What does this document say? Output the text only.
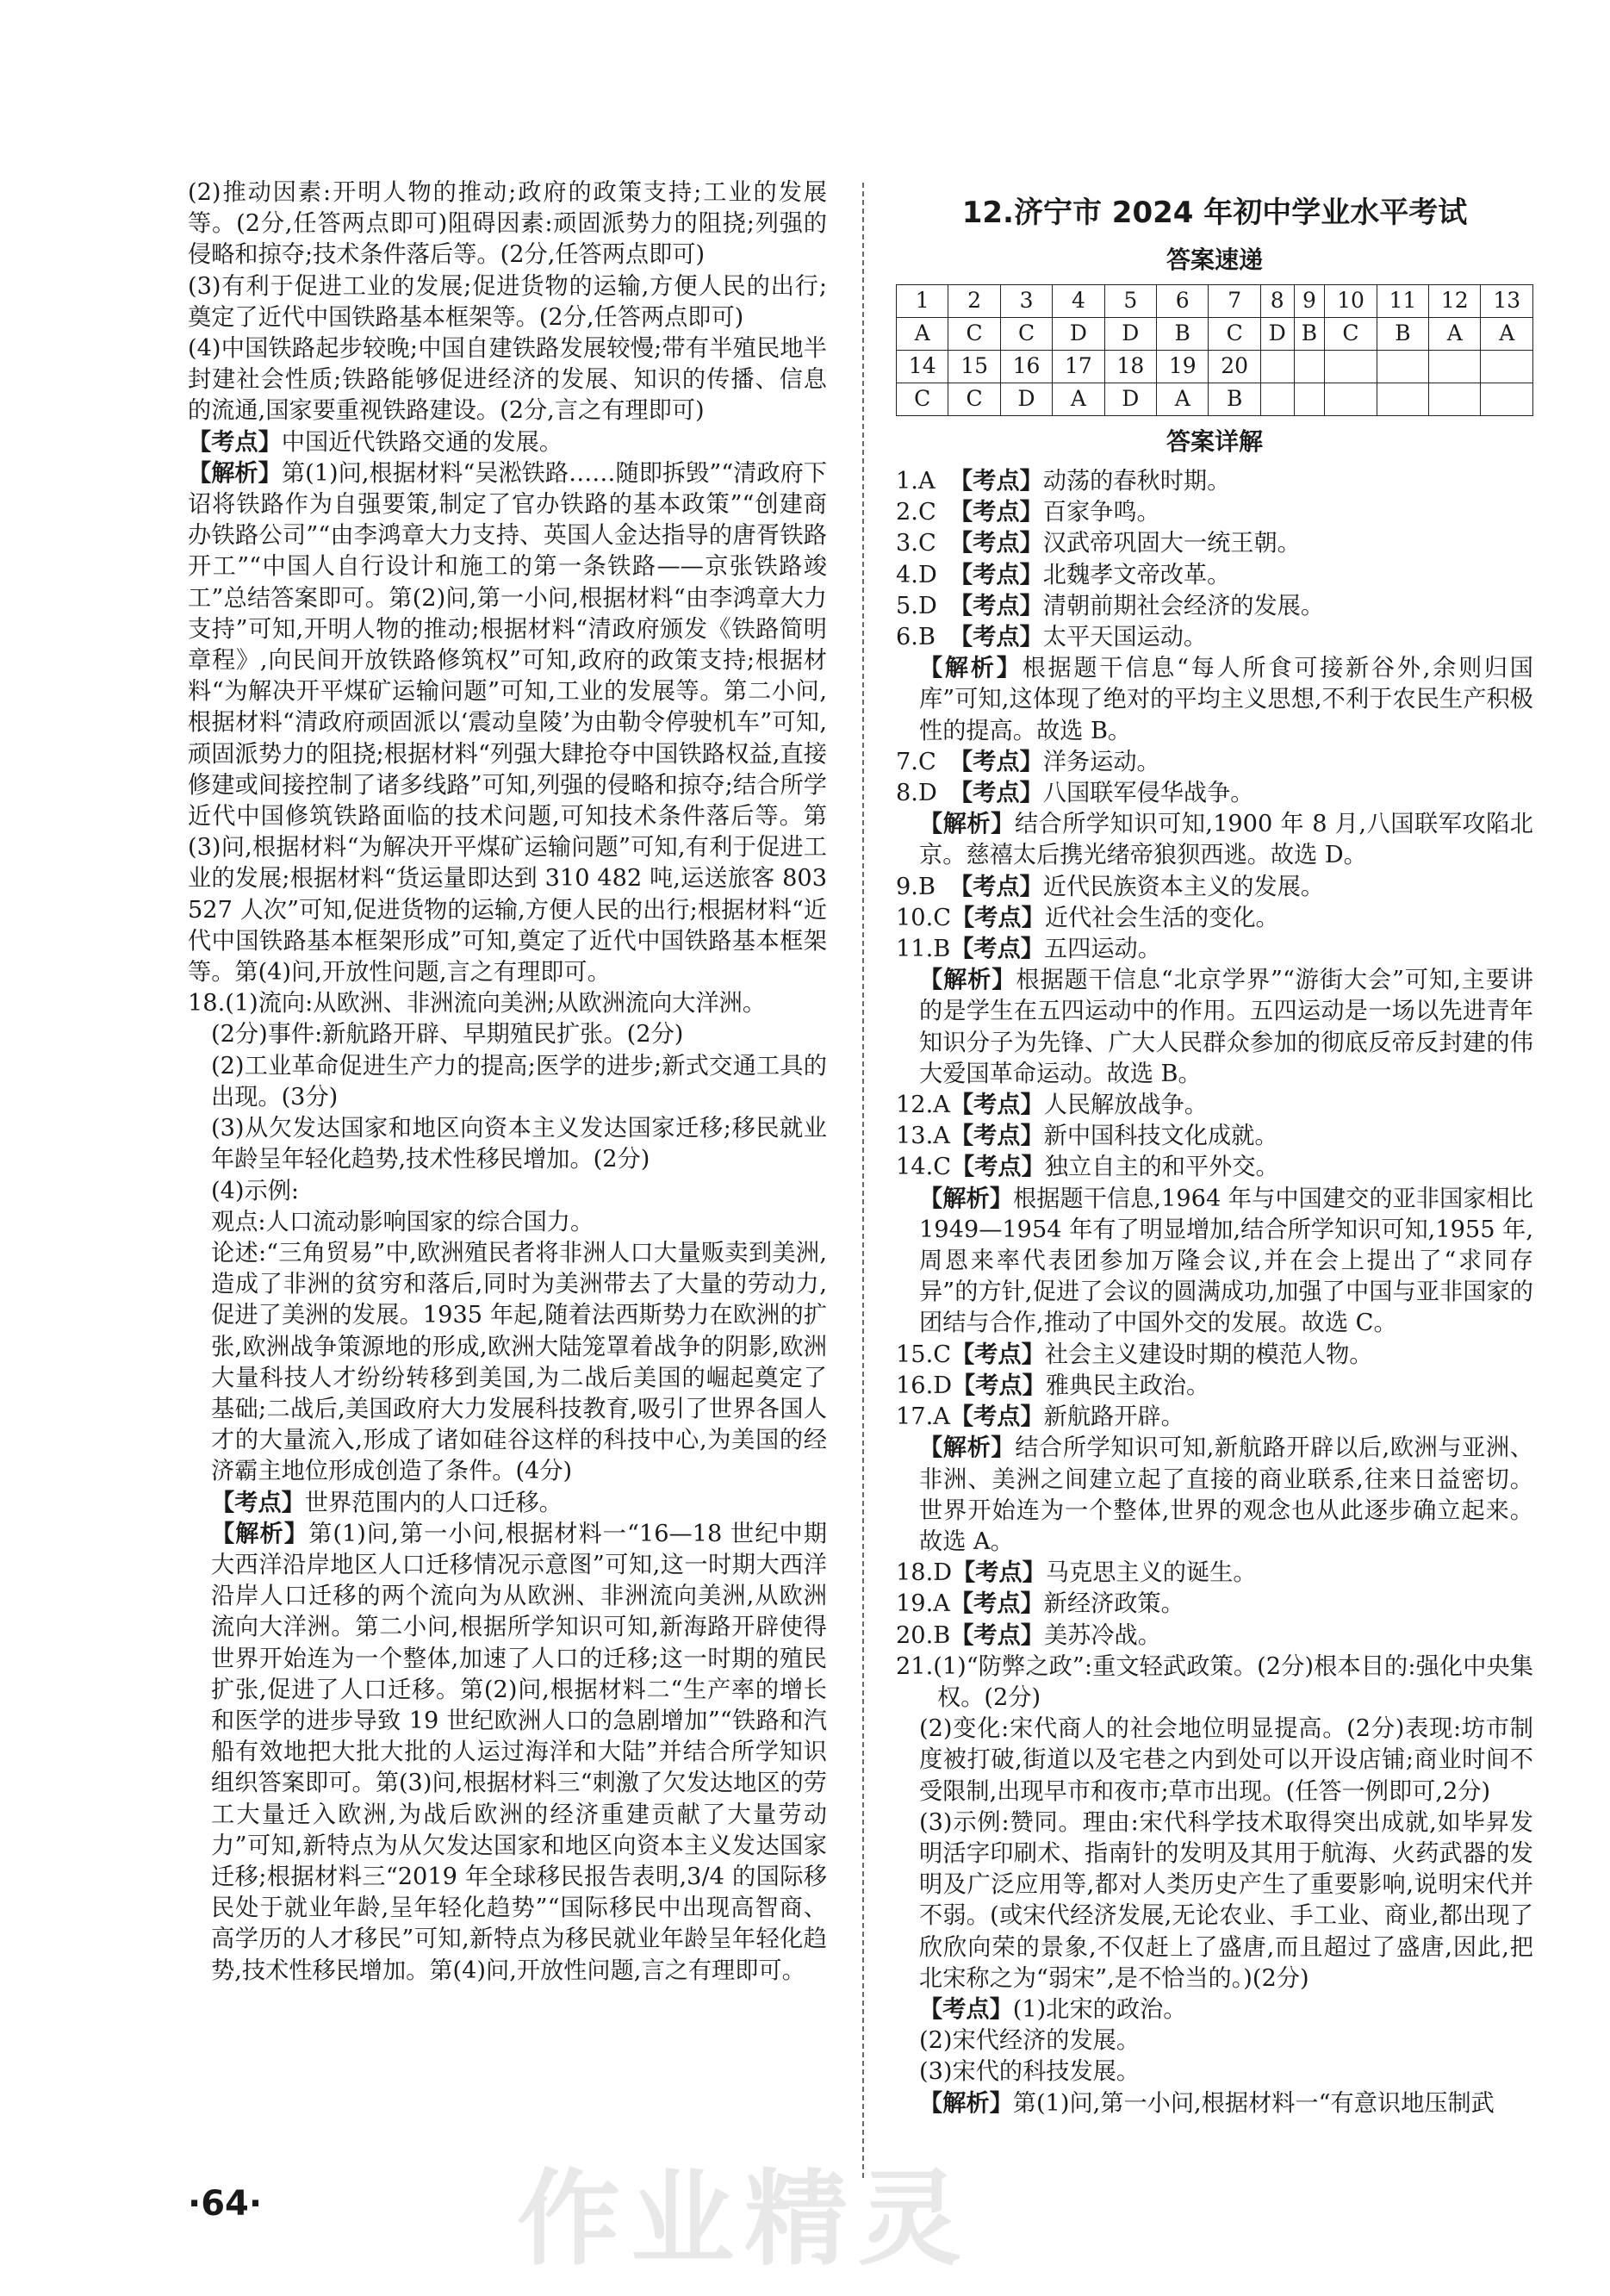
(2)推动因素:开明人物的推动;政府的政策支持;工业的发展等。(2分,任答两点即可)阻碍因素:顽固派势力的阻挠;列强的侵略和掠夺;技术条件落后等。(2分,任答两点即可)

(3)有利于促进工业的发展;促进货物的运输,方便人民的出行;奠定了近代中国铁路基本框架等。(2分,任答两点即可)

(4)中国铁路起步较晚;中国自建铁路发展较慢;带有半殖民地半封建社会性质;铁路能够促进经济的发展、知识的传播、信息的流通,国家要重视铁路建设。(2分,言之有理即可)

【考点】中国近代铁路交通的发展。

【解析】第(1)问,根据材料“吴淞铁路……随即拆毁”“清政府下诏将铁路作为自强要策,制定了官办铁路的基本政策”“创建商办铁路公司”“由李鸿章大力支持、英国人金达指导的唐胥铁路开工”“中国人自行设计和施工的第一条铁路——京张铁路竣工”总结答案即可。第(2)问,第一小问,根据材料“由李鸿章大力支持”可知,开明人物的推动;根据材料“清政府颁发《铁路简明章程》,向民间开放铁路修筑权”可知,政府的政策支持;根据材料“为解决开平煤矿运输问题”可知,工业的发展等。第二小问,根据材料“清政府顽固派以‘震动皇陵’为由勒令停驶机车”可知,顽固派势力的阻挠;根据材料“列强大肆抢夺中国铁路权益,直接修建或间接控制了诸多线路”可知,列强的侵略和掠夺;结合所学近代中国修筑铁路面临的技术问题,可知技术条件落后等。第(3)问,根据材料“为解决开平煤矿运输问题”可知,有利于促进工业的发展;根据材料“货运量即达到 310 482 吨,运送旅客 803 527 人次”可知,促进货物的运输,方便人民的出行;根据材料“近代中国铁路基本框架形成”可知,奠定了近代中国铁路基本框架等。第(4)问,开放性问题,言之有理即可。

18.(1)流向:从欧洲、非洲流向美洲;从欧洲流向大洋洲。

(2分)事件:新航路开辟、早期殖民扩张。(2分)

(2)工业革命促进生产力的提高;医学的进步;新式交通工具的出现。(3分)

(3)从欠发达国家和地区向资本主义发达国家迁移;移民就业年龄呈年轻化趋势,技术性移民增加。(2分)

(4)示例:

观点:人口流动影响国家的综合国力。

论述:“三角贸易”中,欧洲殖民者将非洲人口大量贩卖到美洲,造成了非洲的贫穷和落后,同时为美洲带去了大量的劳动力,促进了美洲的发展。1935 年起,随着法西斯势力在欧洲的扩张,欧洲战争策源地的形成,欧洲大陆笼罩着战争的阴影,欧洲大量科技人才纷纷转移到美国,为二战后美国的崛起奠定了基础;二战后,美国政府大力发展科技教育,吸引了世界各国人才的大量流入,形成了诸如硅谷这样的科技中心,为美国的经济霸主地位形成创造了条件。(4分)

【考点】世界范围内的人口迁移。

【解析】第(1)问,第一小问,根据材料一“16—18 世纪中期大西洋沿岸地区人口迁移情况示意图”可知,这一时期大西洋沿岸人口迁移的两个流向为从欧洲、非洲流向美洲,从欧洲流向大洋洲。第二小问,根据所学知识可知,新海路开辟使得世界开始连为一个整体,加速了人口的迁移;这一时期的殖民扩张,促进了人口迁移。第(2)问,根据材料二“生产率的增长和医学的进步导致 19 世纪欧洲人口的急剧增加”“铁路和汽船有效地把大批大批的人运过海洋和大陆”并结合所学知识组织答案即可。第(3)问,根据材料三“刺激了欠发达地区的劳工大量迁入欧洲,为战后欧洲的经济重建贡献了大量劳动力”可知,新特点为从欠发达国家和地区向资本主义发达国家迁移;根据材料三“2019 年全球移民报告表明,3/4 的国际移民处于就业年龄,呈年轻化趋势”“国际移民中出现高智商、高学历的人才移民”可知,新特点为移民就业年龄呈年轻化趋势,技术性移民增加。第(4)问,开放性问题,言之有理即可。

12.济宁市 2024 年初中学业水平考试
答案速递
1	2	3	4	5	6	7	8	9	10	11	12	13
A	C	C	D	D	B	C	D	B	C	B	A	A
14	15	16	17	18	19	20						
C	C	D	A	D	A	B						
答案详解

1.A 【考点】动荡的春秋时期。

2.C 【考点】百家争鸣。

3.C 【考点】汉武帝巩固大一统王朝。

4.D 【考点】北魏孝文帝改革。

5.D 【考点】清朝前期社会经济的发展。

6.B 【考点】太平天国运动。

【解析】根据题干信息“每人所食可接新谷外,余则归国库”可知,这体现了绝对的平均主义思想,不利于农民生产积极性的提高。故选 B。

7.C 【考点】洋务运动。

8.D 【考点】八国联军侵华战争。

【解析】结合所学知识可知,1900 年 8 月,八国联军攻陷北京。慈禧太后携光绪帝狼狈西逃。故选 D。

9.B 【考点】近代民族资本主义的发展。

10.C【考点】近代社会生活的变化。

11.B【考点】五四运动。

【解析】根据题干信息“北京学界”“游街大会”可知,主要讲的是学生在五四运动中的作用。五四运动是一场以先进青年知识分子为先锋、广大人民群众参加的彻底反帝反封建的伟大爱国革命运动。故选 B。

12.A【考点】人民解放战争。

13.A【考点】新中国科技文化成就。

14.C【考点】独立自主的和平外交。

【解析】根据题干信息,1964 年与中国建交的亚非国家相比 1949—1954 年有了明显增加,结合所学知识可知,1955 年,周恩来率代表团参加万隆会议,并在会上提出了“求同存异”的方针,促进了会议的圆满成功,加强了中国与亚非国家的团结与合作,推动了中国外交的发展。故选 C。

15.C【考点】社会主义建设时期的模范人物。

16.D【考点】雅典民主政治。

17.A【考点】新航路开辟。

【解析】结合所学知识可知,新航路开辟以后,欧洲与亚洲、非洲、美洲之间建立起了直接的商业联系,往来日益密切。世界开始连为一个整体,世界的观念也从此逐步确立起来。故选 A。

18.D【考点】马克思主义的诞生。

19.A【考点】新经济政策。

20.B【考点】美苏冷战。

21.(1)“防弊之政”:重文轻武政策。(2分)根本目的:强化中央集权。(2分)

(2)变化:宋代商人的社会地位明显提高。(2分)表现:坊市制度被打破,街道以及宅巷之内到处可以开设店铺;商业时间不受限制,出现早市和夜市;草市出现。(任答一例即可,2分)

(3)示例:赞同。理由:宋代科学技术取得突出成就,如毕昇发明活字印刷术、指南针的发明及其用于航海、火药武器的发明及广泛应用等,都对人类历史产生了重要影响,说明宋代并不弱。(或宋代经济发展,无论农业、手工业、商业,都出现了欣欣向荣的景象,不仅赶上了盛唐,而且超过了盛唐,因此,把北宋称之为“弱宋”,是不恰当的。)(2分)

【考点】(1)北宋的政治。

(2)宋代经济的发展。

(3)宋代的科技发展。

【解析】第(1)问,第一小问,根据材料一“有意识地压制武

作业精灵
·64·
